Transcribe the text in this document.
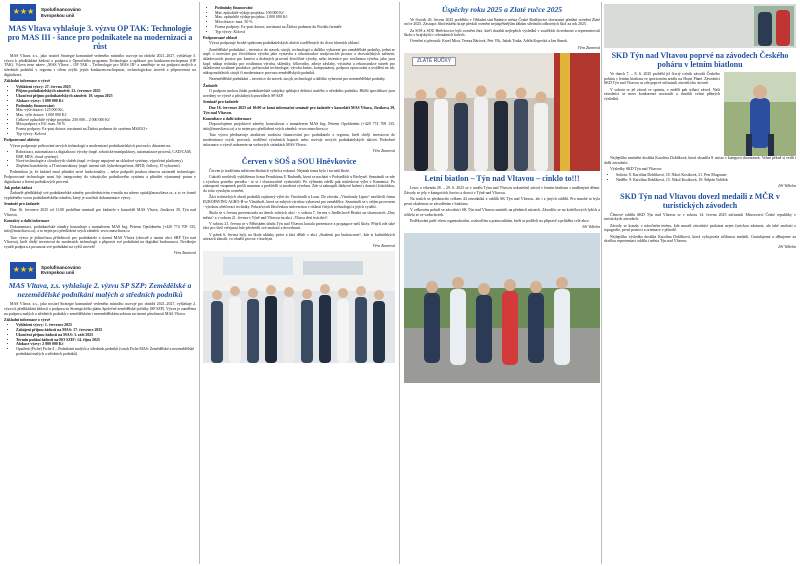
★ ★ ★	Spolufinancováno
Evropskou unií
MAS Vltava vyhlašuje 3. výzvu OP TAK: Technologie pro MAS III - šance pro podnikatele na modernizaci a růst

MAS Vltava, z.s., jako nositel Strategie komunitně vedeného místního rozvoje na období 2021–2027, vyhlašuje 3. výzvu k předkládání žádostí o podporu z Operačního programu Technologie a aplikace pro konkurenceschopnost (OP TAK). Výzva nese název „MAS Vltava – OP TAK – Technologie pro MAS III“ a zaměřuje se na podporu malých a středních podniků v regionu s cílem zvýšit jejich konkurenceschopnost, technologickou úroveň a připravenost na digitalizaci.

Základní informace o výzvě
• Vyhlášení výzvy: 27. června 2025
• Příjem podnikatelských záměrů: 22. července 2025
• Ukončení příjmu podnikatelských záměrů: 19. srpna 2025
• Alokace výzvy: 1 000 000 Kč
• Podmínky financování:
• Min. výše dotace: 125 000 Kč,
• Max. výše dotace: 1 000 000 Kč
• Celkové způsobilé výdaje projektu: 250 000 – 2 000 000 Kč
• Míra podpory z EU: max. 50 %
• Forma podpory: Ex-post dotace, navázaná na Žádost podanou do systému MS2021+
• Typ výzvy: Kolová
Podporované aktivity

Výzva podporuje pořizování nových technologií a modernizaci podnikatelských provozů s důrazem na:

• Robotizaci, automatizaci a digitalizaci výroby (např. robotické manipulátory, automatizace procesů, CAD/CAM, ERP, MES, cloud systémy)
• Nové technologie a cloudových služeb (např. e-shopy napojené na skladové systémy, výpočetní platformy)
• Zlepšení konektivity a IT infrastruktury (např. interní sítě, kyberbezpečnost, RFID, čidlovy, IT vybavení)

Podmínkou je, že žadatel musí přinášet nové funkcionality – nelze podpořit pouhou obnovu zastaralé technologie. Podporované technologie musí být integrovány do stávajícího podnikového systému a přinášet významný posun v digitalizaci a řízení podnikových procesů.

Jak podat žádost

Žadatelé předkládají své podnikatelské záměry prostřednictvím e-mailu na adrese optak@masvltava.cz, a to ve formě vyplněného vzoru podnikatelského záměru, který je součástí dokumentace výzvy.

Seminář pro žadatele

Dne 16. července 2025 od 11:00 proběhne seminář pro žadatele v kanceláři MAS Vltava, Jirsíkova 39, Týn nad Vltavou.

Kontakty a další informace

Dokumentaci, podnikatelské záměry konzultuje s manažerem MAS Ing. Petrem Opoldeném (+420 774 709 135, info@masvltava.cz), a to nejen pro předložení svých záměrů: www.masvltava.cz

Tato výzva je jedinečnou příležitostí pro podnikatele z území MAS Vltava (obecně z území obcí SRP Týn nad Vltavou), kteří chtějí investovat do moderních technologií a připravit své podnikání na digitální budoucnost. Neváhejte využít podporu a posunout své podnikání na vyšší úroveň!

Věra Zumrová
★ ★ ★	Spolufinancováno
Evropskou unií
MAS Vltava, z.s. vyhlašuje 2. výzvu SP SZP: Zemědělské a nezemědělské podnikání malých a středních podniků

MAS Vltava, z.s., jako nositel Strategie komunitně vedeného místního rozvoje pro období 2021–2027, vyhlašuje 2. výzvu k předkládání žádostí o podporu ze Strategického plánu Společné zemědělské politiky (SP SZP). Výzva je zaměřena na podporu malých a středních podniků v zemědělském i nezemědělském sektoru na území působnosti MAS Vltava.

Základní informace o výzvě
• Vyhlášení výzvy: 1. července 2025
• Zahájení příjmu žádostí na MAS: 17. července 2025
• Ukončení příjmu žádostí na MAS: 3. září 2025
• Termín podání žádosti na RO SZIF: 14. října 2025
• Alokace výzvy: 2 000 000 Kč
• Opatření (Fiche) Fiche 4 – Podnikání malých a středních podniků (vztah Fiche MAS: Zemědělské a nezemědělské podnikání malých a středních podniků)
• Podmínky financování
• Min. způsobilé výdaje projektu: 100 000 Kč
• Max. způsobilé výdaje projektu: 2 000 000 Kč
• Míra dotace: max. 50 %
• Forma podpory: Ex-post dotace, navázaná na Žádost podanou do Portálu farmáře
• Typ výzvy: Kolová
Podporované oblasti

Výzva podporuje široké spektrum podnikatelských aktivit rozdělených do dvou hlavních oblastí:

Zemědělské podnikání – investice do staveb, strojů, technologií a dalšího vybavení pro zemědělské podniky, jedná se např. o investice pro živočišnou výrobu jako vystavba a rekonstrukce ustájovacích prostor a chovatelských zařízení, skladovacích prostor pro krmiva a drobných provozů živočišné výroby, nebo investice pro rostlinnou výrobu, jako jsou kupř. nákup techniky pro rostlinnou výrobu, skleníky, fóliovníky, zdroje závlahy, výstavba a rekonstrukce staveb pro skladování rostlinné produkce, pořizování technologie, výrobu krmiv, kompostárny, podpora zpracování a uvádění na trh, nákup mobilních strojů či modernizace provozu zemědělských podniků.

Nezemědělské podnikání – investice do staveb, strojů, technologií a dalšího vybavení pro nezemědělské podniky.

Žadatelé

O podporu mohou žádat podnikatelské subjekty splňující definici malého a středního podniku. Bližší specifikace jsou uvedeny ve výzvě a příslušných pravidlech SP SZP.

Seminář pro žadatele

Dne 16. července 2025 od 10:00 se koná informační seminář pro žadatele v kanceláři MAS Vltava, Jirsíkova 39, Týn nad Vltavou.

Konzultace a další informace

Doporučujeme projektové záměry konzultovat s manažerem MAS Ing. Petrem Opoldeném (+420 774 709 135, info@masvltava.cz) a to nejen pro předložení svých záměrů: www.masvltava.cz

Tato výzva představuje atraktivní možnost financování pro podnikatele z regionu, kteří chtějí investovat do modernizace svých provozů, rozšíření výrobních kapacit nebo rozvoje nových podnikatelských aktivit. Podrobné informace o výzvě naleznete na webových stránkách MAS Vltava.

Věra Zumrová
Červen v SOŠ a SOU Hněvkovice

Červen je tradičním měsícem školních výletů a exkurzí. Nejinak tomu bylo i na naší škole.

Cukráři navštívili vyhlášenou firmu Pernikárna U Radoněk, která se nachází v Podsedlích u Bechyně. Seznámili se zde s výrobou pravého perníku - to si i vlastnoručně vyzkoušeli. Po výletním odešli pak následovat výlet v Kamenici: Po zakoupení vstupenek prošli muzeum a prohlédli si moderní výrobnu. Zde si zakoupili dárkové balení s domácí čokoládou, do toho vysokým ocenění.

Žáci technických oborů podnikli zajímavý výlet do Vinohradů u Loun. Do závodu „Vinohrady Lipno“ navštívili firmu EUROPAVING AGRO-B ve Vlastiboři, která se zabývá výrobou vybavení pro zemědělce. Seznámili se s celým provozem - výrobou ošetřovací techniky. Pokračovali Jihočeskou univerzitou v oblasti čistých technologií a jejich využití.

Škola se v červnu prezentovala na dnech volných akcí - v sobotu 7. června v Jindřichově Hradci na slavnostech „Dny města“ a v sobotu 21. června v Týně nad Vltavou na akci „Vltava třetí tisíciletí“.

V sobotu 21. června se v Městském úřadu Týn nad Vltavou konala prezentace a propagace naší školy. Přijeli zde také žáci pro širší veřejnost kde předvedli své znalosti a dovednosti.

V pátek 6. června byly na škole ukázky práce a žáci dělali v akci „Studenti pro budoucnost“, kde si kulinářských návazců zkusili, co obnáší provoz v kuchyni.

Věra Zumrová
Úspěchy roku 2025 a Zlaté ručce 2025

Ve čtvrtek 26. června 2025 proběhlo v Obřadní síni Radnice města České Budějovice slavnostní předání ocenění Zlaté ručce 2025. Zástupci Jihočeského kraje předali ocenění nejúspěšnějším žákům středních odborných škol za rok 2025.

Za SOŠ a SOU Hněvkovice byli oceněni žáci, kteří dosáhli nejlepších výsledků v soutěžích dovedností a reprezentovali školu v krajských i celostátních kolech.

Ocenění si převzali: Karel Mixa, Tereza Bártová, Petr Vlk, Jakub Trnka, Adéla Kopecká a Jan Šimek.

Věra Zumrová
ZLATÉ RUČKY
Letní biatlon – Týn nad Vltavou – cinklo to!!!

Letos o víkendu 28. – 29. 6. 2025 se v areálu Týna nad Vltavou uskutečnil závod v letním biatlonu s nadšenými dětmi. Závody se jely v kategoriích žactvo a dorost v Týně nad Vltavou.

Na tratích se představilo celkem 44 závodníků z oddílů SK Týn nad Vltavou, ale i z jiných oddílů. Pro mnohé to byla první zkušenost se závoděním v biatlonu.

V celkovém pořadí se závodníci SK Týn nad Vltavou umístili na předních místech. Závodilo se na kolečkových lyžích a střílelo se ze vzduchovek.

Poděkování patří všem organizátorům, rozhodčím a pomocníkům, kteří se podíleli na přípravě a průběhu celé akce.

Jiří Vilhelm
SKD Týn nad Vltavou poprvé na závodech Českého poháru v letním biatlonu

Ve dnech 7. – 8. 6. 2025 proběhl již čtvrtý ročník závodů Českého poháru v letním biatlonu ve sportovním areálu na Horní Plané. Závodníci SKD Týn nad Vltavou se zde poprvé zúčastnili závodů této úrovně.

V sobotu se jel závod ve sprintu, v neděli pak stíhací závod. Naši závodníci se mezi konkurencí neztratili a dosáhli velmi pěkných výsledků.

Nejlepšího umístění dosáhla Karolína Doblíková, která obsadila 8. místo v kategorii dorostenek. Velmi pěkně si vedli i další závodníci.

Výsledky SKD Týn nad Vltavou:

• Sobota: 8. Karolína Doblíková, 18. Nikol Kosíková, 21. Petr Mugrauer
• Neděle: 9. Karolína Doblíková, 15. Nikol Kosíková, 19. Štěpán Vořížek
Jiří Vilhelm
SKD Týn nad Vltavou dovezl medaili z MČR v turistických závodech

Členové oddílu SKD Týn nad Vltavou se v sobotu 14. června 2025 zúčastnili Mistrovství České republiky v turistických závodech.

Závody se konaly v náročném terénu, kde museli závodníci prokázat nejen fyzickou zdatnost, ale také znalosti z topografie, první pomoci a orientace v přírodě.

Nejlepšího výsledku dosáhla Karolína Doblíková, která vybojovala stříbrnou medaili. Gratulujeme a děkujeme za skvělou reprezentaci oddílu i města Týn nad Vltavou.

Jiří Vilhelm
